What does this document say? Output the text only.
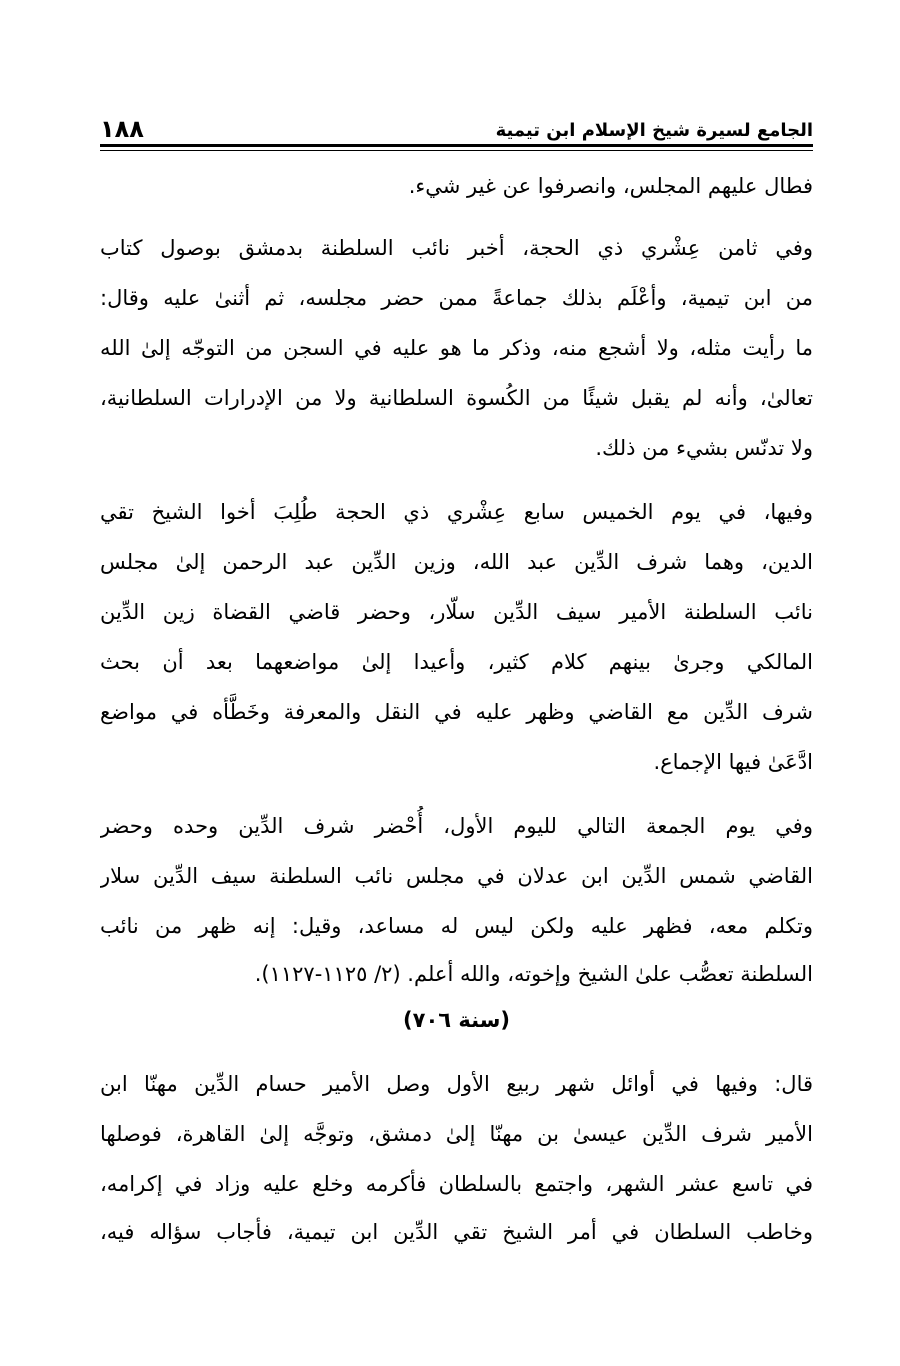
الجامع لسيرة شيخ الإسلام ابن تيمية
١٨٨
فطال عليهم المجلس، وانصرفوا عن غير شيء.
وفي ثامن عِشْري ذي الحجة، أخبر نائب السلطنة بدمشق بوصول كتاب
من ابن تيمية، وأعْلَم بذلك جماعةً ممن حضر مجلسه، ثم أثنىٰ عليه وقال:
ما رأيت مثله، ولا أشجع منه، وذكر ما هو عليه في السجن من التوجّه إلىٰ الله
تعالىٰ، وأنه لم يقبل شيئًا من الكُسوة السلطانية ولا من الإدرارات السلطانية،
ولا تدنّس بشيء من ذلك.
وفيها، في يوم الخميس سابع عِشْري ذي الحجة طُلِبَ أخوا الشيخ تقي
الدين، وهما شرف الدِّين عبد الله، وزين الدِّين عبد الرحمن إلىٰ مجلس
نائب السلطنة الأمير سيف الدِّين سلّار، وحضر قاضي القضاة زين الدِّين
المالكي وجرىٰ بينهم كلام كثير، وأعيدا إلىٰ مواضعهما بعد أن بحث
شرف الدِّين مع القاضي وظهر عليه في النقل والمعرفة وخَطَّأه في مواضع
ادَّعَىٰ فيها الإجماع.
وفي يوم الجمعة التالي لليوم الأول، أُحْضر شرف الدِّين وحده وحضر
القاضي شمس الدِّين ابن عدلان في مجلس نائب السلطنة سيف الدِّين سلار
وتكلم معه، فظهر عليه ولكن ليس له مساعد، وقيل: إنه ظهر من نائب
السلطنة تعصُّب علىٰ الشيخ وإخوته، والله أعلم. (٢/ ١١٢٥-١١٢٧).
(سنة ٧٠٦)
قال: وفيها في أوائل شهر ربيع الأول وصل الأمير حسام الدِّين مهنّا ابن
الأمير شرف الدِّين عيسىٰ بن مهنّا إلىٰ دمشق، وتوجَّه إلىٰ القاهرة، فوصلها
في تاسع عشر الشهر، واجتمع بالسلطان فأكرمه وخلع عليه وزاد في إكرامه،
وخاطب السلطان في أمر الشيخ تقي الدِّين ابن تيمية، فأجاب سؤاله فيه،
